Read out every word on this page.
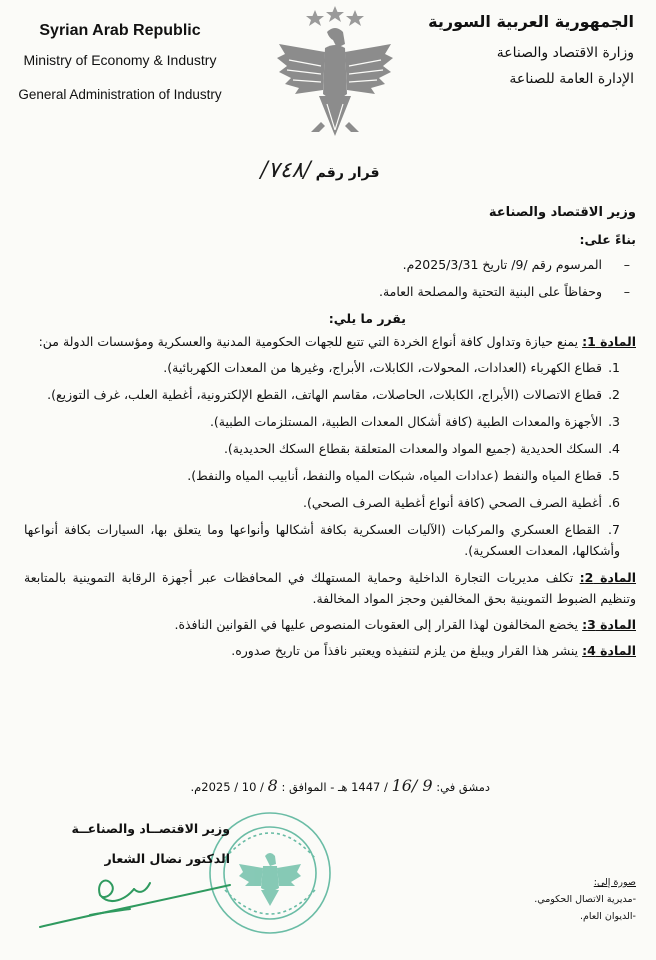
Syrian Arab Republic
Ministry of Economy & Industry
General Administration of Industry
الجمهورية العربية السورية
وزارة الاقتصاد والصناعة
الإدارة العامة للصناعة
قرار رقم /٧٤٨/

وزير الاقتصاد والصناعة

بناءً على:

– المرسوم رقم /9/ تاريخ 2025/3/31م.

– وحفاظاً على البنية التحتية والمصلحة العامة.

يقرر ما يلي:

المادة 1: يمنع حيازة وتداول كافة أنواع الخردة التي تتبع للجهات الحكومية المدنية والعسكرية ومؤسسات الدولة من:

1. قطاع الكهرباء (العدادات، المحولات، الكابلات، الأبراج، وغيرها من المعدات الكهربائية).

2. قطاع الاتصالات (الأبراج، الكابلات، الحاصلات، مقاسم الهاتف، القطع الإلكترونية، أغطية العلب، غرف التوزيع).

3. الأجهزة والمعدات الطبية (كافة أشكال المعدات الطبية، المستلزمات الطبية).

4. السكك الحديدية (جميع المواد والمعدات المتعلقة بقطاع السكك الحديدية).

5. قطاع المياه والنفط (عدادات المياه، شبكات المياه والنفط، أنابيب المياه والنفط).

6. أغطية الصرف الصحي (كافة أنواع أغطية الصرف الصحي).

7. القطاع العسكري والمركبات (الآليات العسكرية بكافة أشكالها وأنواعها وما يتعلق بها، السيارات بكافة أنواعها وأشكالها، المعدات العسكرية).

المادة 2: تكلف مديريات التجارة الداخلية وحماية المستهلك في المحافظات عبر أجهزة الرقابة التموينية بالمتابعة وتنظيم الضبوط التموينية بحق المخالفين وحجز المواد المخالفة.

المادة 3: يخضع المخالفون لهذا القرار إلى العقوبات المنصوص عليها في القوانين النافذة.

المادة 4: ينشر هذا القرار ويبلغ من يلزم لتنفيذه ويعتبر نافذاً من تاريخ صدوره.

دمشق في: 9 /16 / 1447 هـ - الموافق : 8 / 10 / 2025م.
وزير الاقتصــاد والصناعــة
الدكتور نضال الشعار
صورة إلى:
-مديرية الاتصال الحكومي.
-الديوان العام.
